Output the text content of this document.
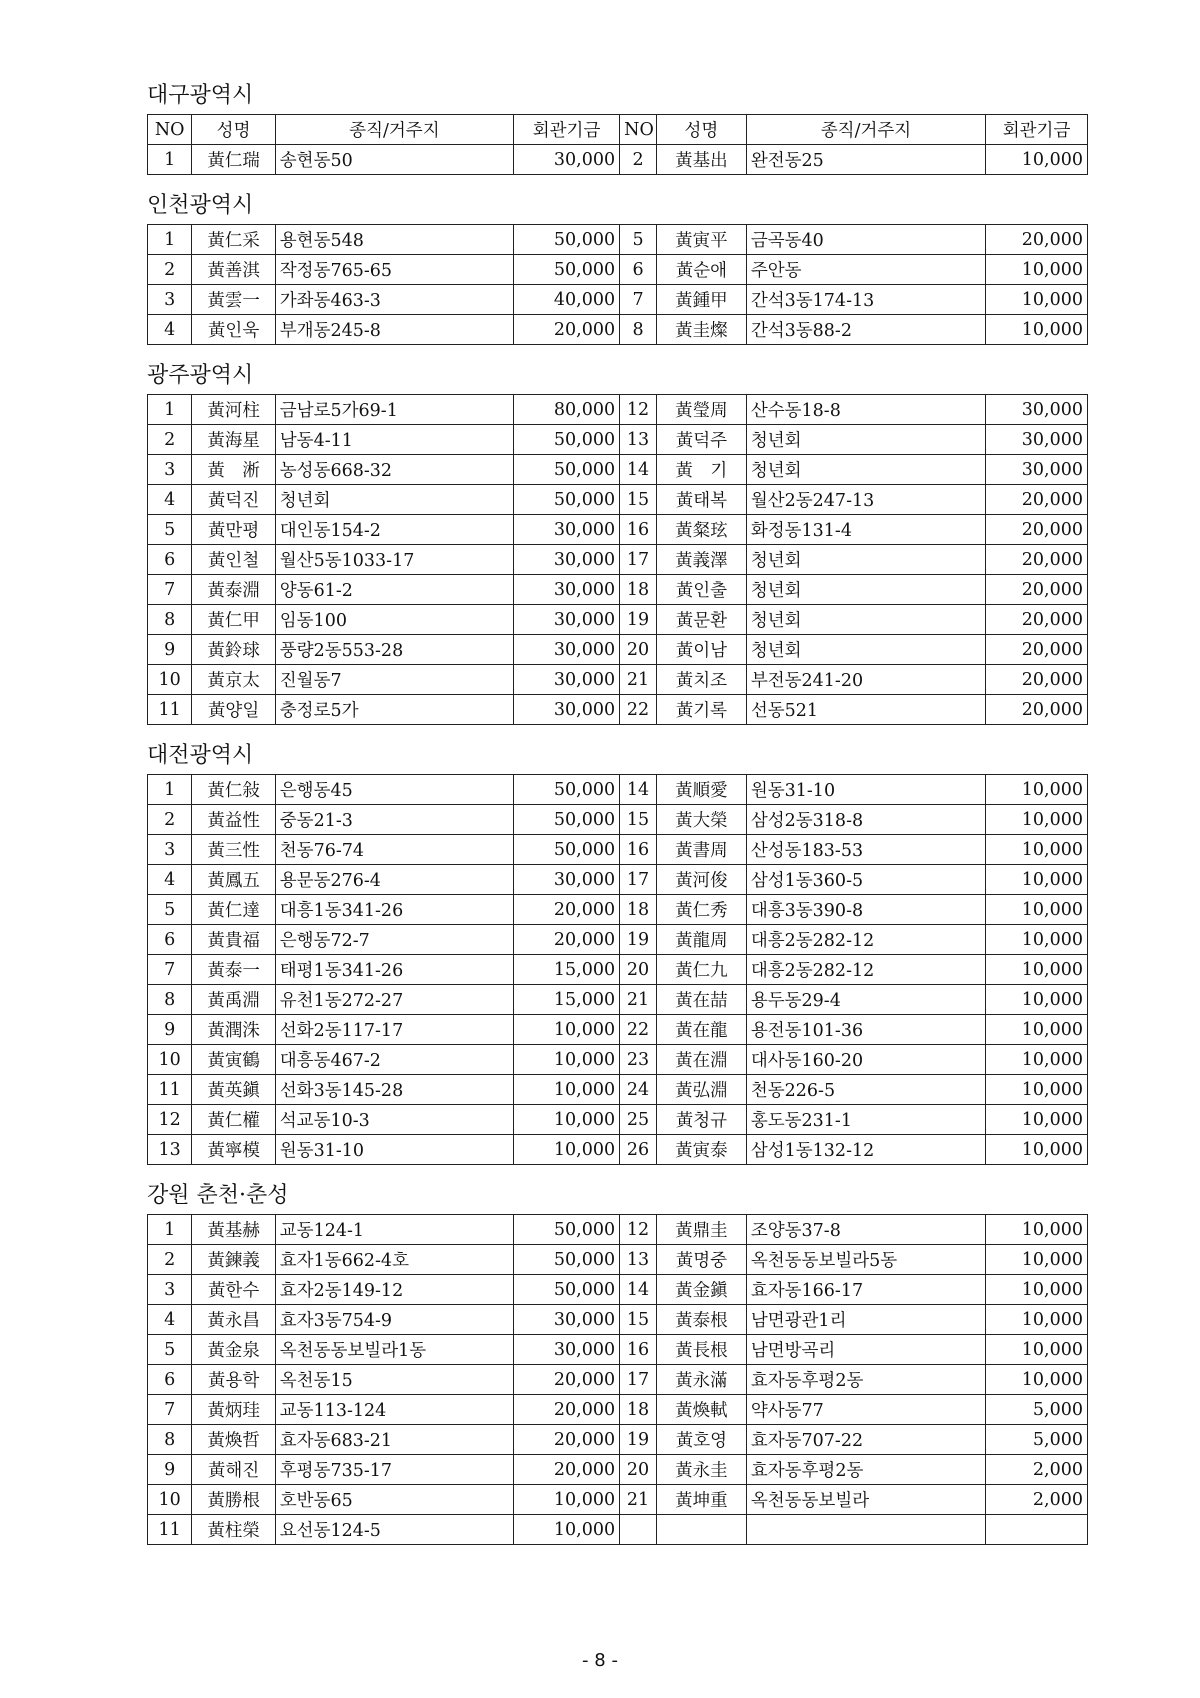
대구광역시
NO	성명	종직/거주지	회관기금	NO	성명	종직/거주지	회관기금
1	黃仁瑞	송현동50	30,000	2	黃基出	완전동25	10,000
인천광역시
1	黃仁采	용현동548	50,000	5	黃寅平	금곡동40	20,000
2	黃善淇	작정동765-65	50,000	6	黃순애	주안동	10,000
3	黃雲一	가좌동463-3	40,000	7	黃鍾甲	간석3동174-13	10,000
4	黃인욱	부개동245-8	20,000	8	黃圭燦	간석3동88-2	10,000
광주광역시
1	黃河柱	금남로5가69-1	80,000	12	黃瑩周	산수동18-8	30,000
2	黃海星	남동4-11	50,000	13	黃덕주	청년회	30,000
3	黃　淅	농성동668-32	50,000	14	黃　기	청년회	30,000
4	黃덕진	청년회	50,000	15	黃태복	월산2동247-13	20,000
5	黃만평	대인동154-2	30,000	16	黃粲玹	화정동131-4	20,000
6	黃인철	월산5동1033-17	30,000	17	黃義澤	청년회	20,000
7	黃泰淵	양동61-2	30,000	18	黃인출	청년회	20,000
8	黃仁甲	임동100	30,000	19	黃문환	청년회	20,000
9	黃鈴球	풍량2동553-28	30,000	20	黃이남	청년회	20,000
10	黃京太	진월동7	30,000	21	黃치조	부전동241-20	20,000
11	黃양일	충정로5가	30,000	22	黃기록	선동521	20,000
대전광역시
1	黃仁敍	은행동45	50,000	14	黃順愛	원동31-10	10,000
2	黃益性	중동21-3	50,000	15	黃大榮	삼성2동318-8	10,000
3	黃三性	천동76-74	50,000	16	黃書周	산성동183-53	10,000
4	黃鳳五	용문동276-4	30,000	17	黃河俊	삼성1동360-5	10,000
5	黃仁達	대흥1동341-26	20,000	18	黃仁秀	대흥3동390-8	10,000
6	黃貴福	은행동72-7	20,000	19	黃龍周	대흥2동282-12	10,000
7	黃泰一	태평1동341-26	15,000	20	黃仁九	대흥2동282-12	10,000
8	黃禹淵	유천1동272-27	15,000	21	黃在喆	용두동29-4	10,000
9	黃潤洙	선화2동117-17	10,000	22	黃在龍	용전동101-36	10,000
10	黃寅鶴	대흥동467-2	10,000	23	黃在淵	대사동160-20	10,000
11	黃英鎭	선화3동145-28	10,000	24	黃弘淵	천동226-5	10,000
12	黃仁權	석교동10-3	10,000	25	黃청규	홍도동231-1	10,000
13	黃寧模	원동31-10	10,000	26	黃寅泰	삼성1동132-12	10,000
강원 춘천·춘성
1	黃基赫	교동124-1	50,000	12	黃鼎圭	조양동37-8	10,000
2	黃鍊義	효자1동662-4호	50,000	13	黃명중	옥천동동보빌라5동	10,000
3	黃한수	효자2동149-12	50,000	14	黃金鎭	효자동166-17	10,000
4	黃永昌	효자3동754-9	30,000	15	黃泰根	남면광관1리	10,000
5	黃金泉	옥천동동보빌라1동	30,000	16	黃長根	남면방곡리	10,000
6	黃용학	옥천동15	20,000	17	黃永滿	효자동후평2동	10,000
7	黃炳珪	교동113-124	20,000	18	黃煥軾	약사동77	5,000
8	黃煥哲	효자동683-21	20,000	19	黃호영	효자동707-22	5,000
9	黃해진	후평동735-17	20,000	20	黃永圭	효자동후평2동	2,000
10	黃勝根	호반동65	10,000	21	黃坤重	옥천동동보빌라	2,000
11	黃柱榮	요선동124-5	10,000				
- 8 -
